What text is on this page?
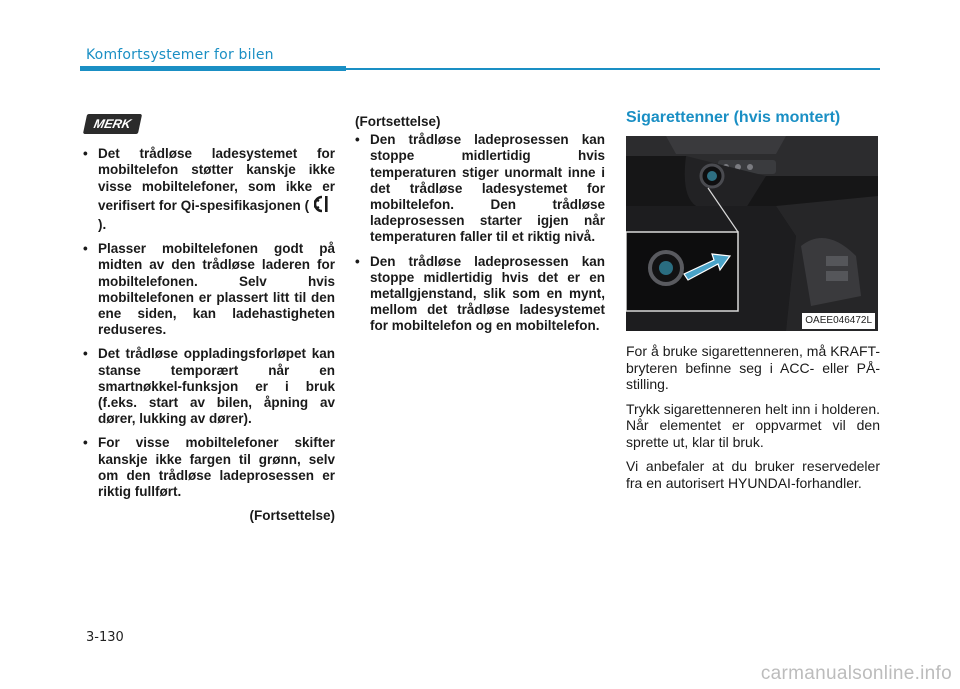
Komfortsystemer for bilen
MERK
• Det trådløse ladesystemet for mobiltelefon støtter kanskje ikke visse mobiltelefoner, som ikke er verifisert for Qi-spesifikasjonen (  ).
• Plasser mobiltelefonen godt på midten av den trådløse laderen for mobiltelefonen. Selv hvis mobiltelefonen er plassert litt til den ene siden, kan ladehastigheten reduseres.
• Det trådløse oppladingsforløpet kan stanse temporært når en smartnøkkel-funksjon er i bruk (f.eks. start av bilen, åpning av dører, lukking av dører).
• For visse mobiltelefoner skifter kanskje ikke fargen til grønn, selv om den trådløse ladeprosessen er riktig fullført.
(Fortsettelse)
(Fortsettelse)
• Den trådløse ladeprosessen kan stoppe midlertidig hvis temperaturen stiger unormalt inne i det trådløse ladesystemet for mobiltelefon. Den trådløse ladeprosessen starter igjen når temperaturen faller til et riktig nivå.
• Den trådløse ladeprosessen kan stoppe midlertidig hvis det er en metallgjenstand, slik som en mynt, mellom det trådløse ladesystemet for mobiltelefon og en mobiltelefon.
Sigarettenner (hvis montert)
OAEE046472L

For å bruke sigarettenneren, må KRAFT-bryteren befinne seg i ACC- eller PÅ-stilling.

Trykk sigarettenneren helt inn i holderen. Når elementet er oppvarmet vil den sprette ut, klar til bruk.

Vi anbefaler at du bruker reservedeler fra en autorisert HYUNDAI-forhandler.

3-130
carmanualsonline.info
